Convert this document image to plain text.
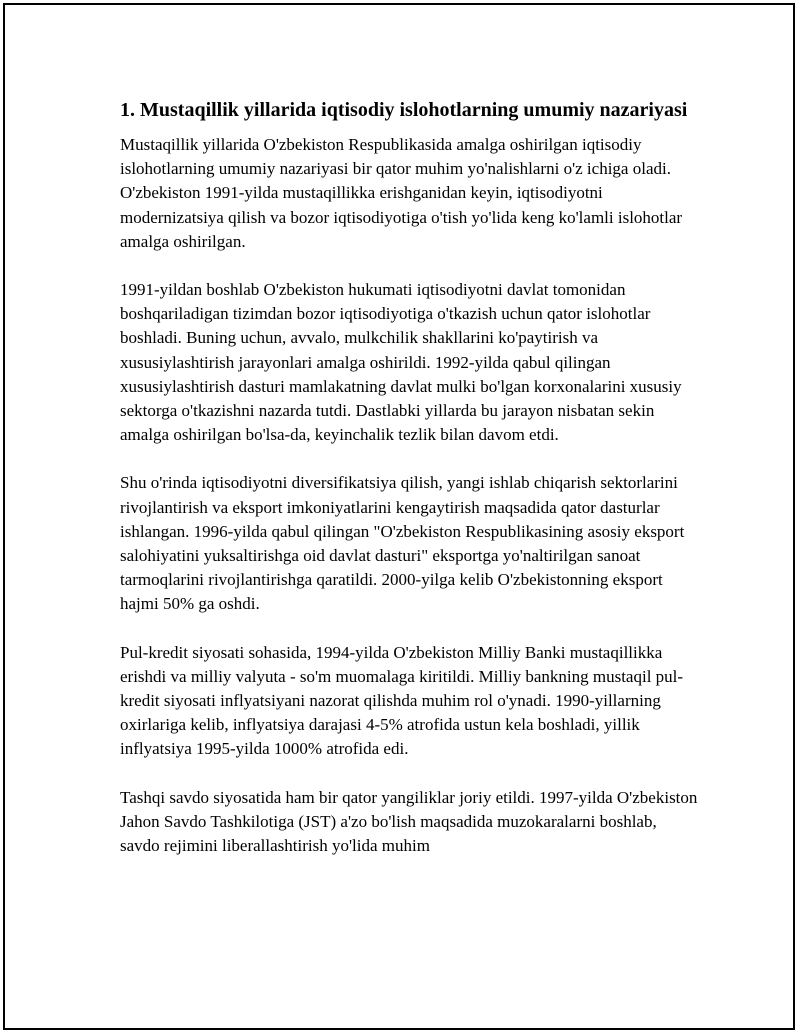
1. Mustaqillik yillarida iqtisodiy islohotlarning umumiy nazariyasi

Mustaqillik yillarida O'zbekiston Respublikasida amalga oshirilgan iqtisodiy islohotlarning umumiy nazariyasi bir qator muhim yo'nalishlarni o'z ichiga oladi. O'zbekiston 1991-yilda mustaqillikka erishganidan keyin, iqtisodiyotni modernizatsiya qilish va bozor iqtisodiyotiga o'tish yo'lida keng ko'lamli islohotlar amalga oshirilgan.

1991-yildan boshlab O'zbekiston hukumati iqtisodiyotni davlat tomonidan boshqariladigan tizimdan bozor iqtisodiyotiga o'tkazish uchun qator islohotlar boshladi. Buning uchun, avvalo, mulkchilik shakllarini ko'paytirish va xususiylashtirish jarayonlari amalga oshirildi. 1992-yilda qabul qilingan xususiylashtirish dasturi mamlakatning davlat mulki bo'lgan korxonalarini xususiy sektorga o'tkazishni nazarda tutdi. Dastlabki yillarda bu jarayon nisbatan sekin amalga oshirilgan bo'lsa-da, keyinchalik tezlik bilan davom etdi.

Shu o'rinda iqtisodiyotni diversifikatsiya qilish, yangi ishlab chiqarish sektorlarini rivojlantirish va eksport imkoniyatlarini kengaytirish maqsadida qator dasturlar ishlangan. 1996-yilda qabul qilingan "O'zbekiston Respublikasining asosiy eksport salohiyatini yuksaltirishga oid davlat dasturi" eksportga yo'naltirilgan sanoat tarmoqlarini rivojlantirishga qaratildi. 2000-yilga kelib O'zbekistonning eksport hajmi 50% ga oshdi.

Pul-kredit siyosati sohasida, 1994-yilda O'zbekiston Milliy Banki mustaqillikka erishdi va milliy valyuta - so'm muomalaga kiritildi. Milliy bankning mustaqil pul-kredit siyosati inflyatsiyani nazorat qilishda muhim rol o'ynadi. 1990-yillarning oxirlariga kelib, inflyatsiya darajasi 4-5% atrofida ustun kela boshladi, yillik inflyatsiya 1995-yilda 1000% atrofida edi.

Tashqi savdo siyosatida ham bir qator yangiliklar joriy etildi. 1997-yilda O'zbekiston Jahon Savdo Tashkilotiga (JST) a'zo bo'lish maqsadida muzokaralarni boshlab, savdo rejimini liberallashtirish yo'lida muhim
